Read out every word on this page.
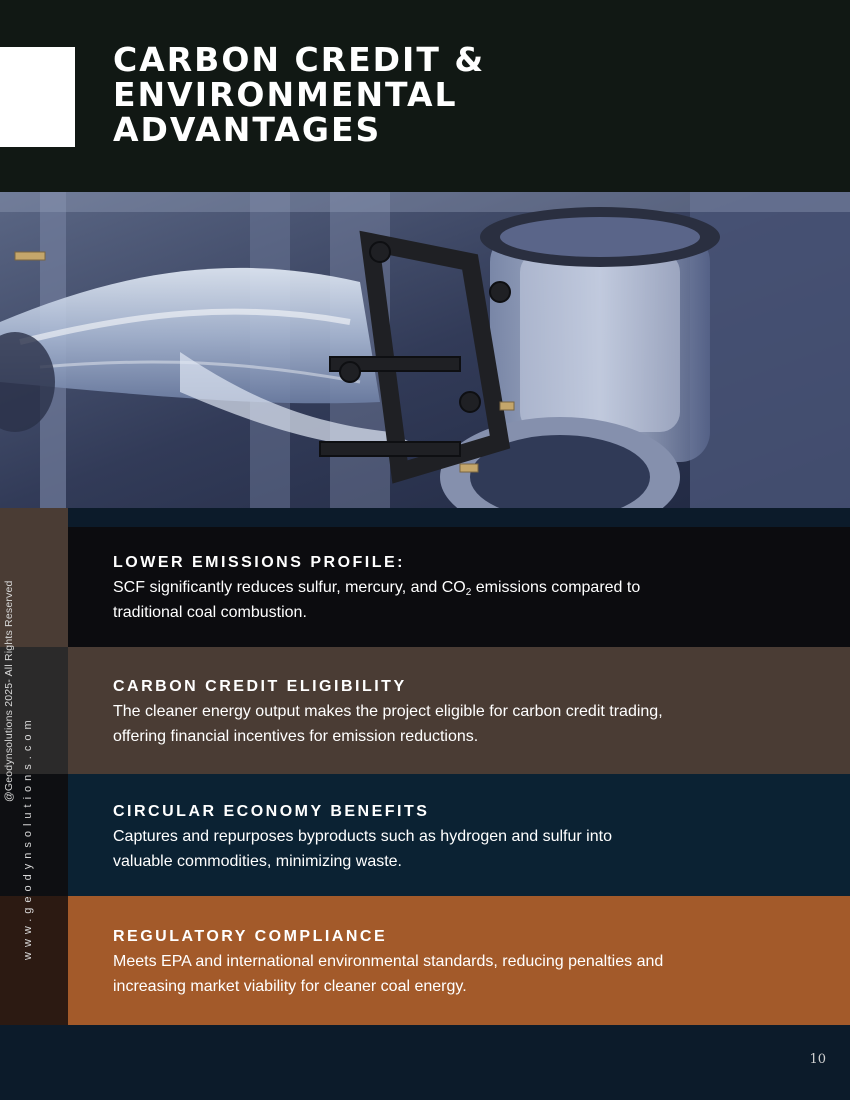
CARBON CREDIT &
ENVIRONMENTAL
ADVANTAGES
www.geodynsolutions.com
@Geodynsolutions 2025- All Rights Reserved
LOWER EMISSIONS PROFILE:

SCF significantly reduces sulfur, mercury, and $CO_2$ emissions compared to traditional coal combustion.

CARBON CREDIT ELIGIBILITY

The cleaner energy output makes the project eligible for carbon credit trading, offering financial incentives for emission reductions.

CIRCULAR ECONOMY BENEFITS

Captures and repurposes byproducts such as hydrogen and sulfur into valuable commodities, minimizing waste.

REGULATORY COMPLIANCE

Meets EPA and international environmental standards, reducing penalties and increasing market viability for cleaner coal energy.

10
